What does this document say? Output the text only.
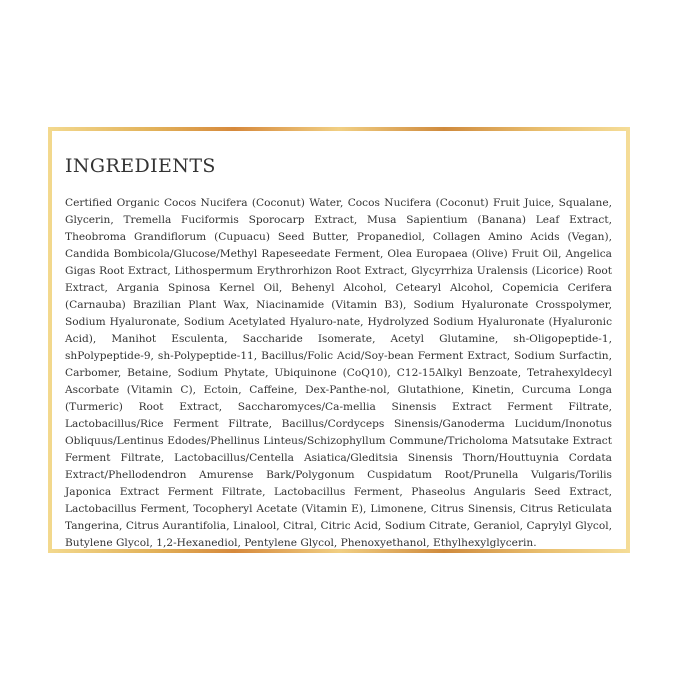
INGREDIENTS

Certified Organic Cocos Nucifera (Coconut) Water, Cocos Nucifera (Coconut) Fruit Juice, Squalane, Glycerin, Tremella Fuciformis Sporocarp Extract, Musa Sapientium (Banana) Leaf Extract, Theobroma Grandiflorum (Cupuacu) Seed Butter, Propanediol, Collagen Amino Acids (Vegan), Candida Bombicola/Glucose/Methyl Rapeseedate Ferment, Olea Europaea (Olive) Fruit Oil, Angelica Gigas Root Extract, Lithospermum Erythrorhizon Root Extract, Glycyrrhiza Uralensis (Licorice) Root Extract, Argania Spinosa Kernel Oil, Behenyl Alcohol, Cetearyl Alcohol, Copemicia Cerifera (Carnauba) Brazilian Plant Wax, Niacinamide (Vitamin B3), Sodium Hyaluronate Crosspolymer, Sodium Hyaluronate, Sodium Acetylated Hyaluro-nate, Hydrolyzed Sodium Hyaluronate (Hyaluronic Acid), Manihot Esculenta, Saccharide Isomerate, Acetyl Glutamine, sh-Oligopeptide-1, shPolypeptide-9, sh-Polypeptide-11, Bacillus/Folic Acid/Soy-bean Ferment Extract, Sodium Surfactin, Carbomer, Betaine, Sodium Phytate, Ubiquinone (CoQ10), C12-15Alkyl Benzoate, Tetrahexyldecyl Ascorbate (Vitamin C), Ectoin, Caffeine, Dex-Panthe-nol, Glutathione, Kinetin, Curcuma Longa (Turmeric) Root Extract, Saccharomyces/Ca-mellia Sinensis Extract Ferment Filtrate, Lactobacillus/Rice Ferment Filtrate, Bacillus/Cordyceps Sinensis/Ganoderma Lucidum/Inonotus Obliquus/Lentinus Edodes/Phellinus Linteus/Schizophyllum Commune/Tricholoma Matsutake Extract Ferment Filtrate, Lactobacillus/Centella Asiatica/Gleditsia Sinensis Thorn/Houttuynia Cordata Extract/Phellodendron Amurense Bark/Polygonum Cuspidatum Root/Prunella Vulgaris/Torilis Japonica Extract Ferment Filtrate, Lactobacillus Ferment, Phaseolus Angularis Seed Extract, Lactobacillus Ferment, Tocopheryl Acetate (Vitamin E), Limonene, Citrus Sinensis, Citrus Reticulata Tangerina, Citrus Aurantifolia, Linalool, Citral, Citric Acid, Sodium Citrate, Geraniol, Caprylyl Glycol, Butylene Glycol, 1,2-Hexanediol, Pentylene Glycol, Phenoxyethanol, Ethylhexylglycerin.
